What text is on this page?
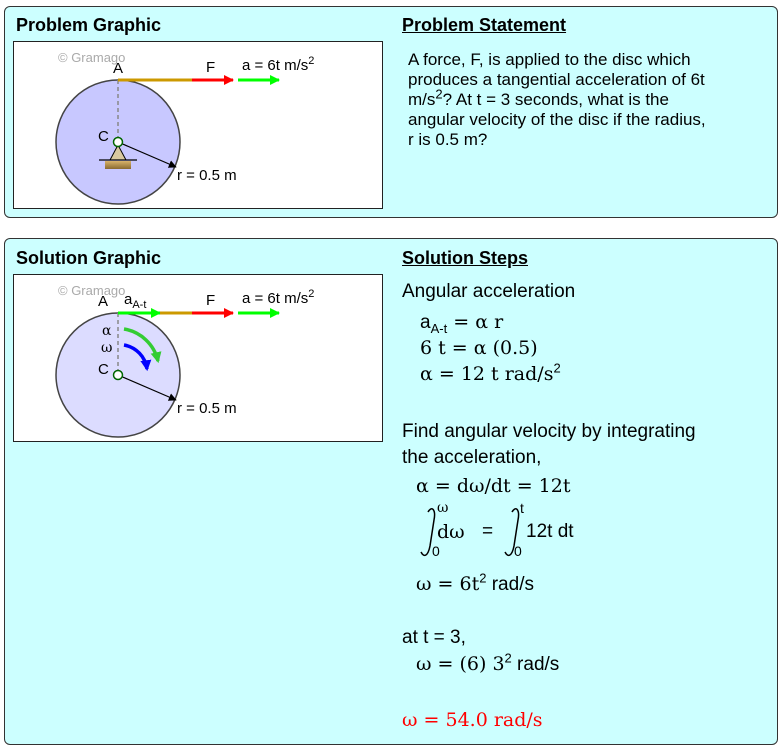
Problem Graphic	Problem Statement
© Gramago
A	F a = 6t $m/s^2$
C
r = 0.5 m
A force, F, is applied to the disc which
produces a tangential acceleration of 6t
$m/s^2$? At t = 3 seconds, what is the
angular velocity of the disc if the radius,
r is 0.5 m?
Solution Graphic	Solution Steps
© Gramago
A $a_{A-t}$	F a = 6t $m/s^2$
α
ω
C
r = 0.5 m
Angular acceleration
$a_{A-t} = \alpha$ r
6 t = α (0.5)
α = 12 t rad/$s^2$
Find angular velocity by integrating
the acceleration,
α = dω/dt = 12t
ω
0
dω =
t
0
12t dt
$\omega = 6t^2$ rad/s
at t = 3,
ω = (6) $3^2$ rad/s
ω = 54.0 rad/s
